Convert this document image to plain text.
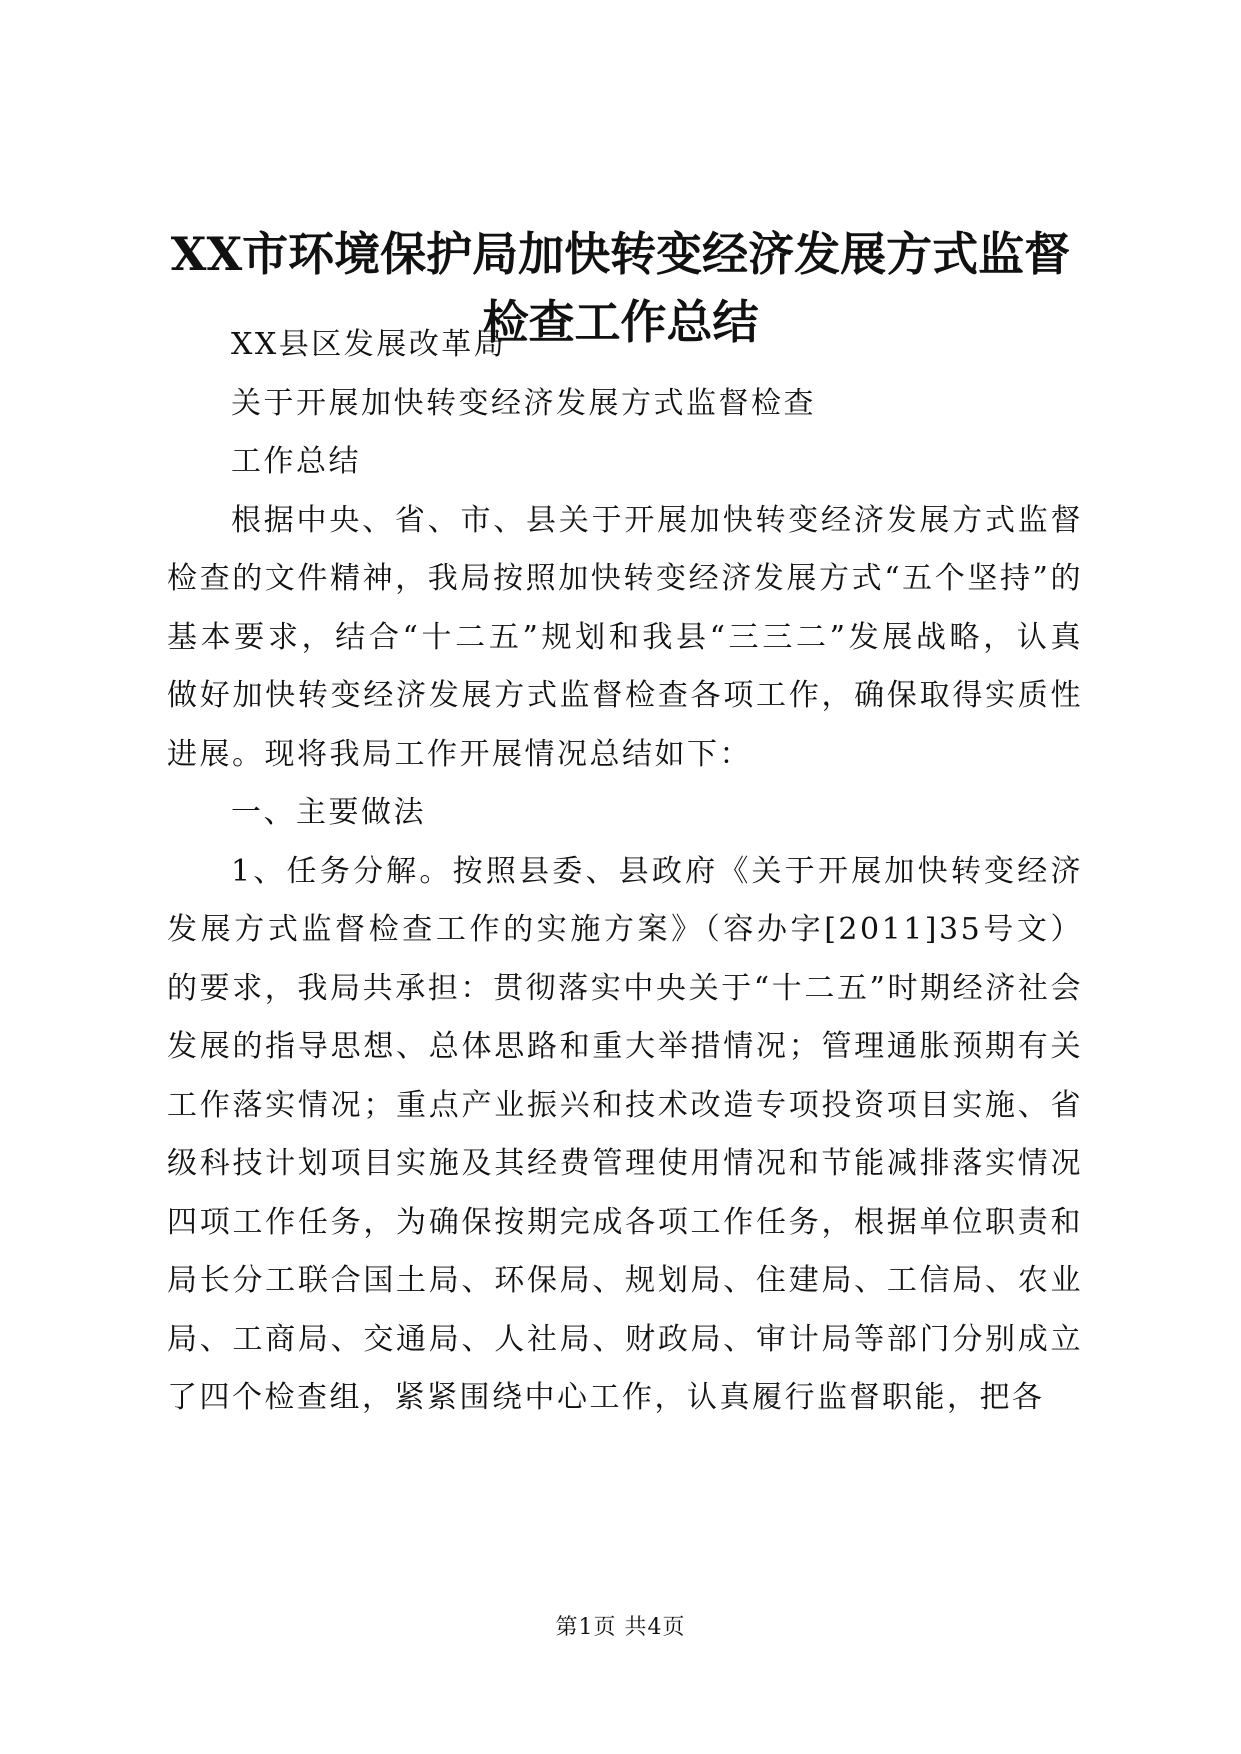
XX市环境保护局加快转变经济发展方式监督
检查工作总结

XX县区发展改革局

关于开展加快转变经济发展方式监督检查

工作总结

根据中央、省、市、县关于开展加快转变经济发展方式监督检查的文件精神，我局按照加快转变经济发展方式“五个坚持”的基本要求，结合“十二五”规划和我县“三三二”发展战略，认真做好加快转变经济发展方式监督检查各项工作，确保取得实质性进展。现将我局工作开展情况总结如下：

一、主要做法

1、任务分解。按照县委、县政府《关于开展加快转变经济发展方式监督检查工作的实施方案》（容办字[2011]35号文）的要求，我局共承担：贯彻落实中央关于“十二五”时期经济社会发展的指导思想、总体思路和重大举措情况；管理通胀预期有关工作落实情况；重点产业振兴和技术改造专项投资项目实施、省级科技计划项目实施及其经费管理使用情况和节能减排落实情况四项工作任务，为确保按期完成各项工作任务，根据单位职责和局长分工联合国土局、环保局、规划局、住建局、工信局、农业局、工商局、交通局、人社局、财政局、审计局等部门分别成立了四个检查组，紧紧围绕中心工作，认真履行监督职能，把各

第1页 共4页
